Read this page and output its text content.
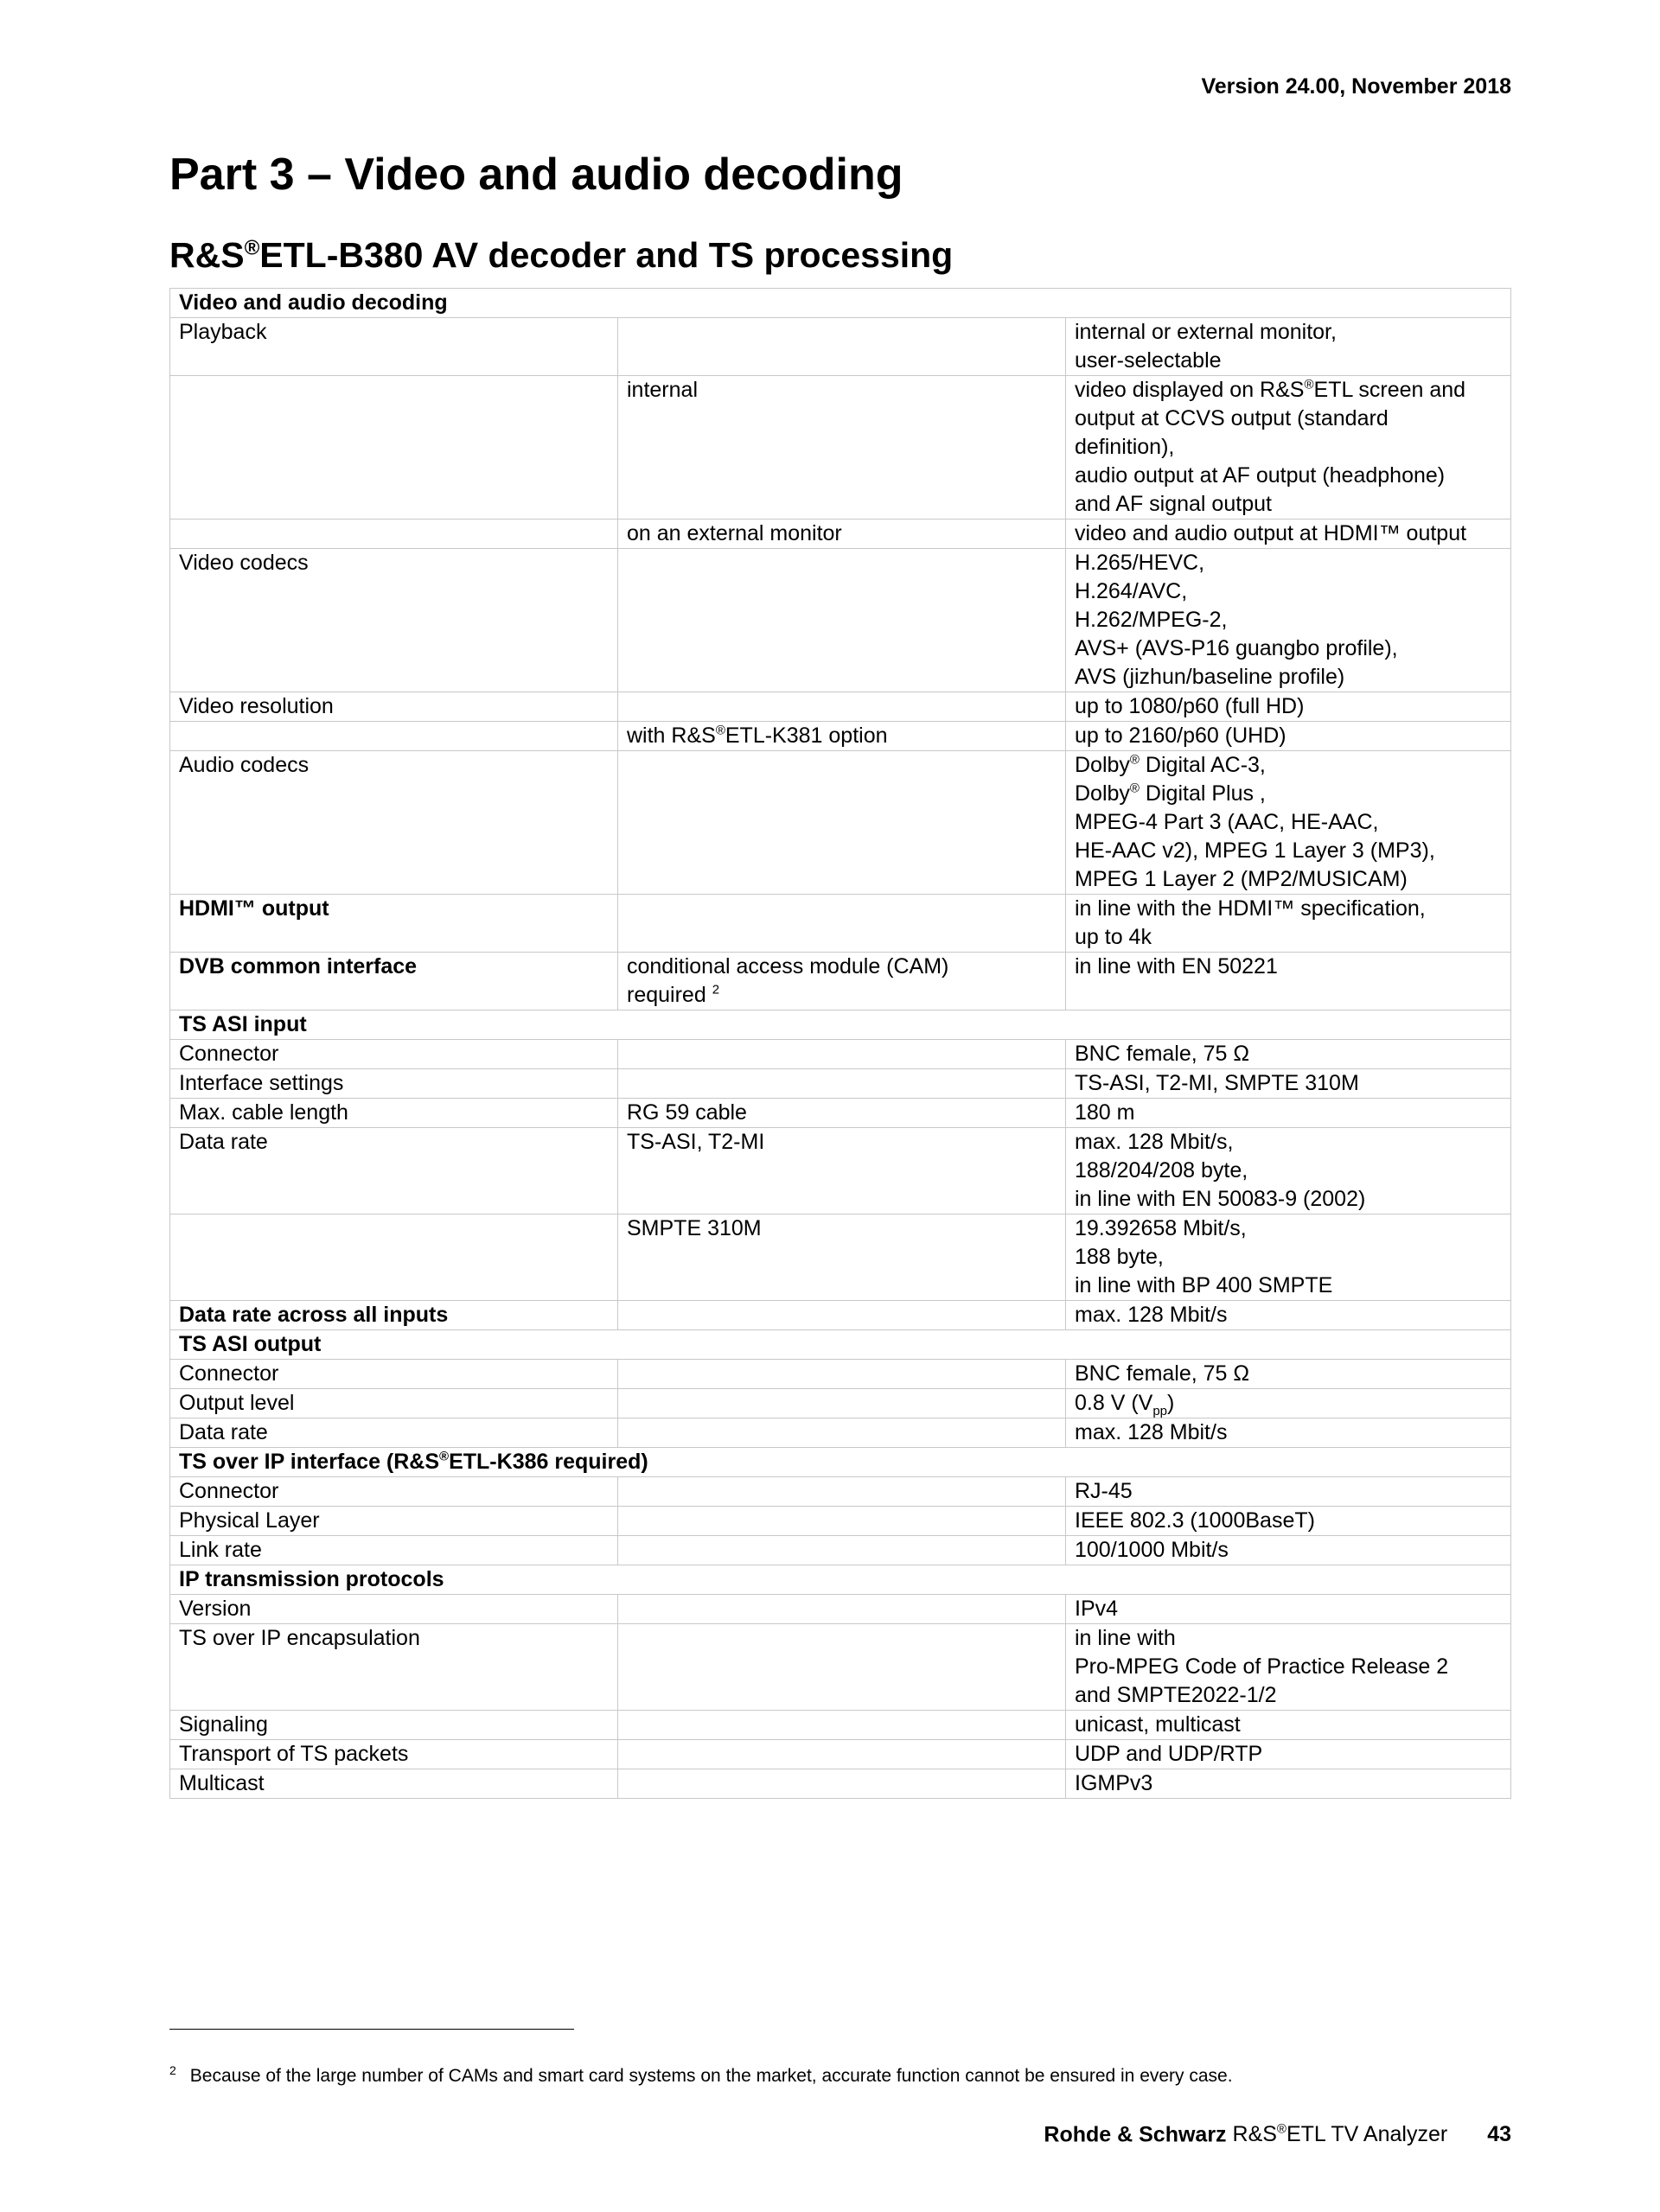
Version 24.00, November 2018
Part 3 – Video and audio decoding
R&S®ETL-B380 AV decoder and TS processing
Video and audio decoding		
Playback		internal or external monitor,
user-selectable
	internal	video displayed on R&S®ETL screen and
output at CCVS output (standard
definition),
audio output at AF output (headphone)
and AF signal output
	on an external monitor	video and audio output at HDMI™ output
Video codecs		H.265/HEVC,
H.264/AVC,
H.262/MPEG-2,
AVS+ (AVS-P16 guangbo profile),
AVS (jizhun/baseline profile)
Video resolution		up to 1080/p60 (full HD)
	with R&S®ETL-K381 option	up to 2160/p60 (UHD)
Audio codecs		Dolby® Digital AC-3,
Dolby® Digital Plus ,
MPEG-4 Part 3 (AAC, HE-AAC,
HE-AAC v2), MPEG 1 Layer 3 (MP3),
MPEG 1 Layer 2 (MP2/MUSICAM)
HDMI™ output		in line with the HDMI™ specification,
up to 4k
DVB common interface	conditional access module (CAM)
required $^2$	in line with EN 50221
TS ASI input		
Connector		BNC female, 75 Ω
Interface settings		TS-ASI, T2-MI, SMPTE 310M
Max. cable length	RG 59 cable	180 m
Data rate	TS-ASI, T2-MI	max. 128 Mbit/s,
188/204/208 byte,
in line with EN 50083-9 (2002)
	SMPTE 310M	19.392658 Mbit/s,
188 byte,
in line with BP 400 SMPTE
Data rate across all inputs		max. 128 Mbit/s
TS ASI output		
Connector		BNC female, 75 Ω
Output level		0.8 V $(V_{pp})$
Data rate		max. 128 Mbit/s
TS over IP interface (R&S®ETL-K386 required)		
Connector		RJ-45
Physical Layer		IEEE 802.3 (1000BaseT)
Link rate		100/1000 Mbit/s
IP transmission protocols		
Version		IPv4
TS over IP encapsulation		in line with
Pro-MPEG Code of Practice Release 2
and SMPTE2022-1/2
Signaling		unicast, multicast
Transport of TS packets		UDP and UDP/RTP
Multicast		IGMPv3
$^2$ Because of the large number of CAMs and smart card systems on the market, accurate function cannot be ensured in every case.
Rohde & Schwarz R&S®ETL TV Analyzer 43
